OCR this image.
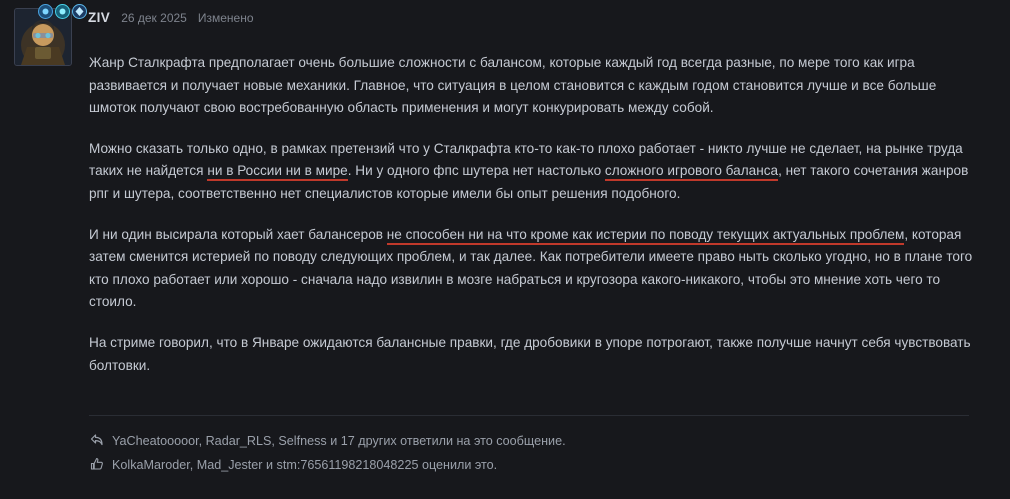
ZIV 26 дек 2025 Изменено

Жанр Сталкрафта предполагает очень большие сложности с балансом, которые каждый год всегда разные, по мере того как игра развивается и получает новые механики. Главное, что ситуация в целом становится с каждым годом становится лучше и все больше шмоток получают свою востребованную область применения и могут конкурировать между собой.

Можно сказать только одно, в рамках претензий что у Сталкрафта кто-то как-то плохо работает - никто лучше не сделает, на рынке труда таких не найдется ни в России ни в мире. Ни у одного фпс шутера нет настолько сложного игрового баланса, нет такого сочетания жанров рпг и шутера, соответственно нет специалистов которые имели бы опыт решения подобного.

И ни один высирала который хает балансеров не способен ни на что кроме как истерии по поводу текущих актуальных проблем, которая затем сменится истерией по поводу следующих проблем, и так далее. Как потребители имеете право ныть сколько угодно, но в плане того кто плохо работает или хорошо - сначала надо извилин в мозге набраться и кругозора какого-никакого, чтобы это мнение хоть чего то стоило.

На стриме говорил, что в Январе ожидаются балансные правки, где дробовики в упоре потрогают, также получше начнут себя чувствовать болтовки.

YaCheatooooor, Radar_RLS, Selfness и 17 других ответили на это сообщение.
KolkaMaroder, Mad_Jester и stm:76561198218048225 оценили это.
